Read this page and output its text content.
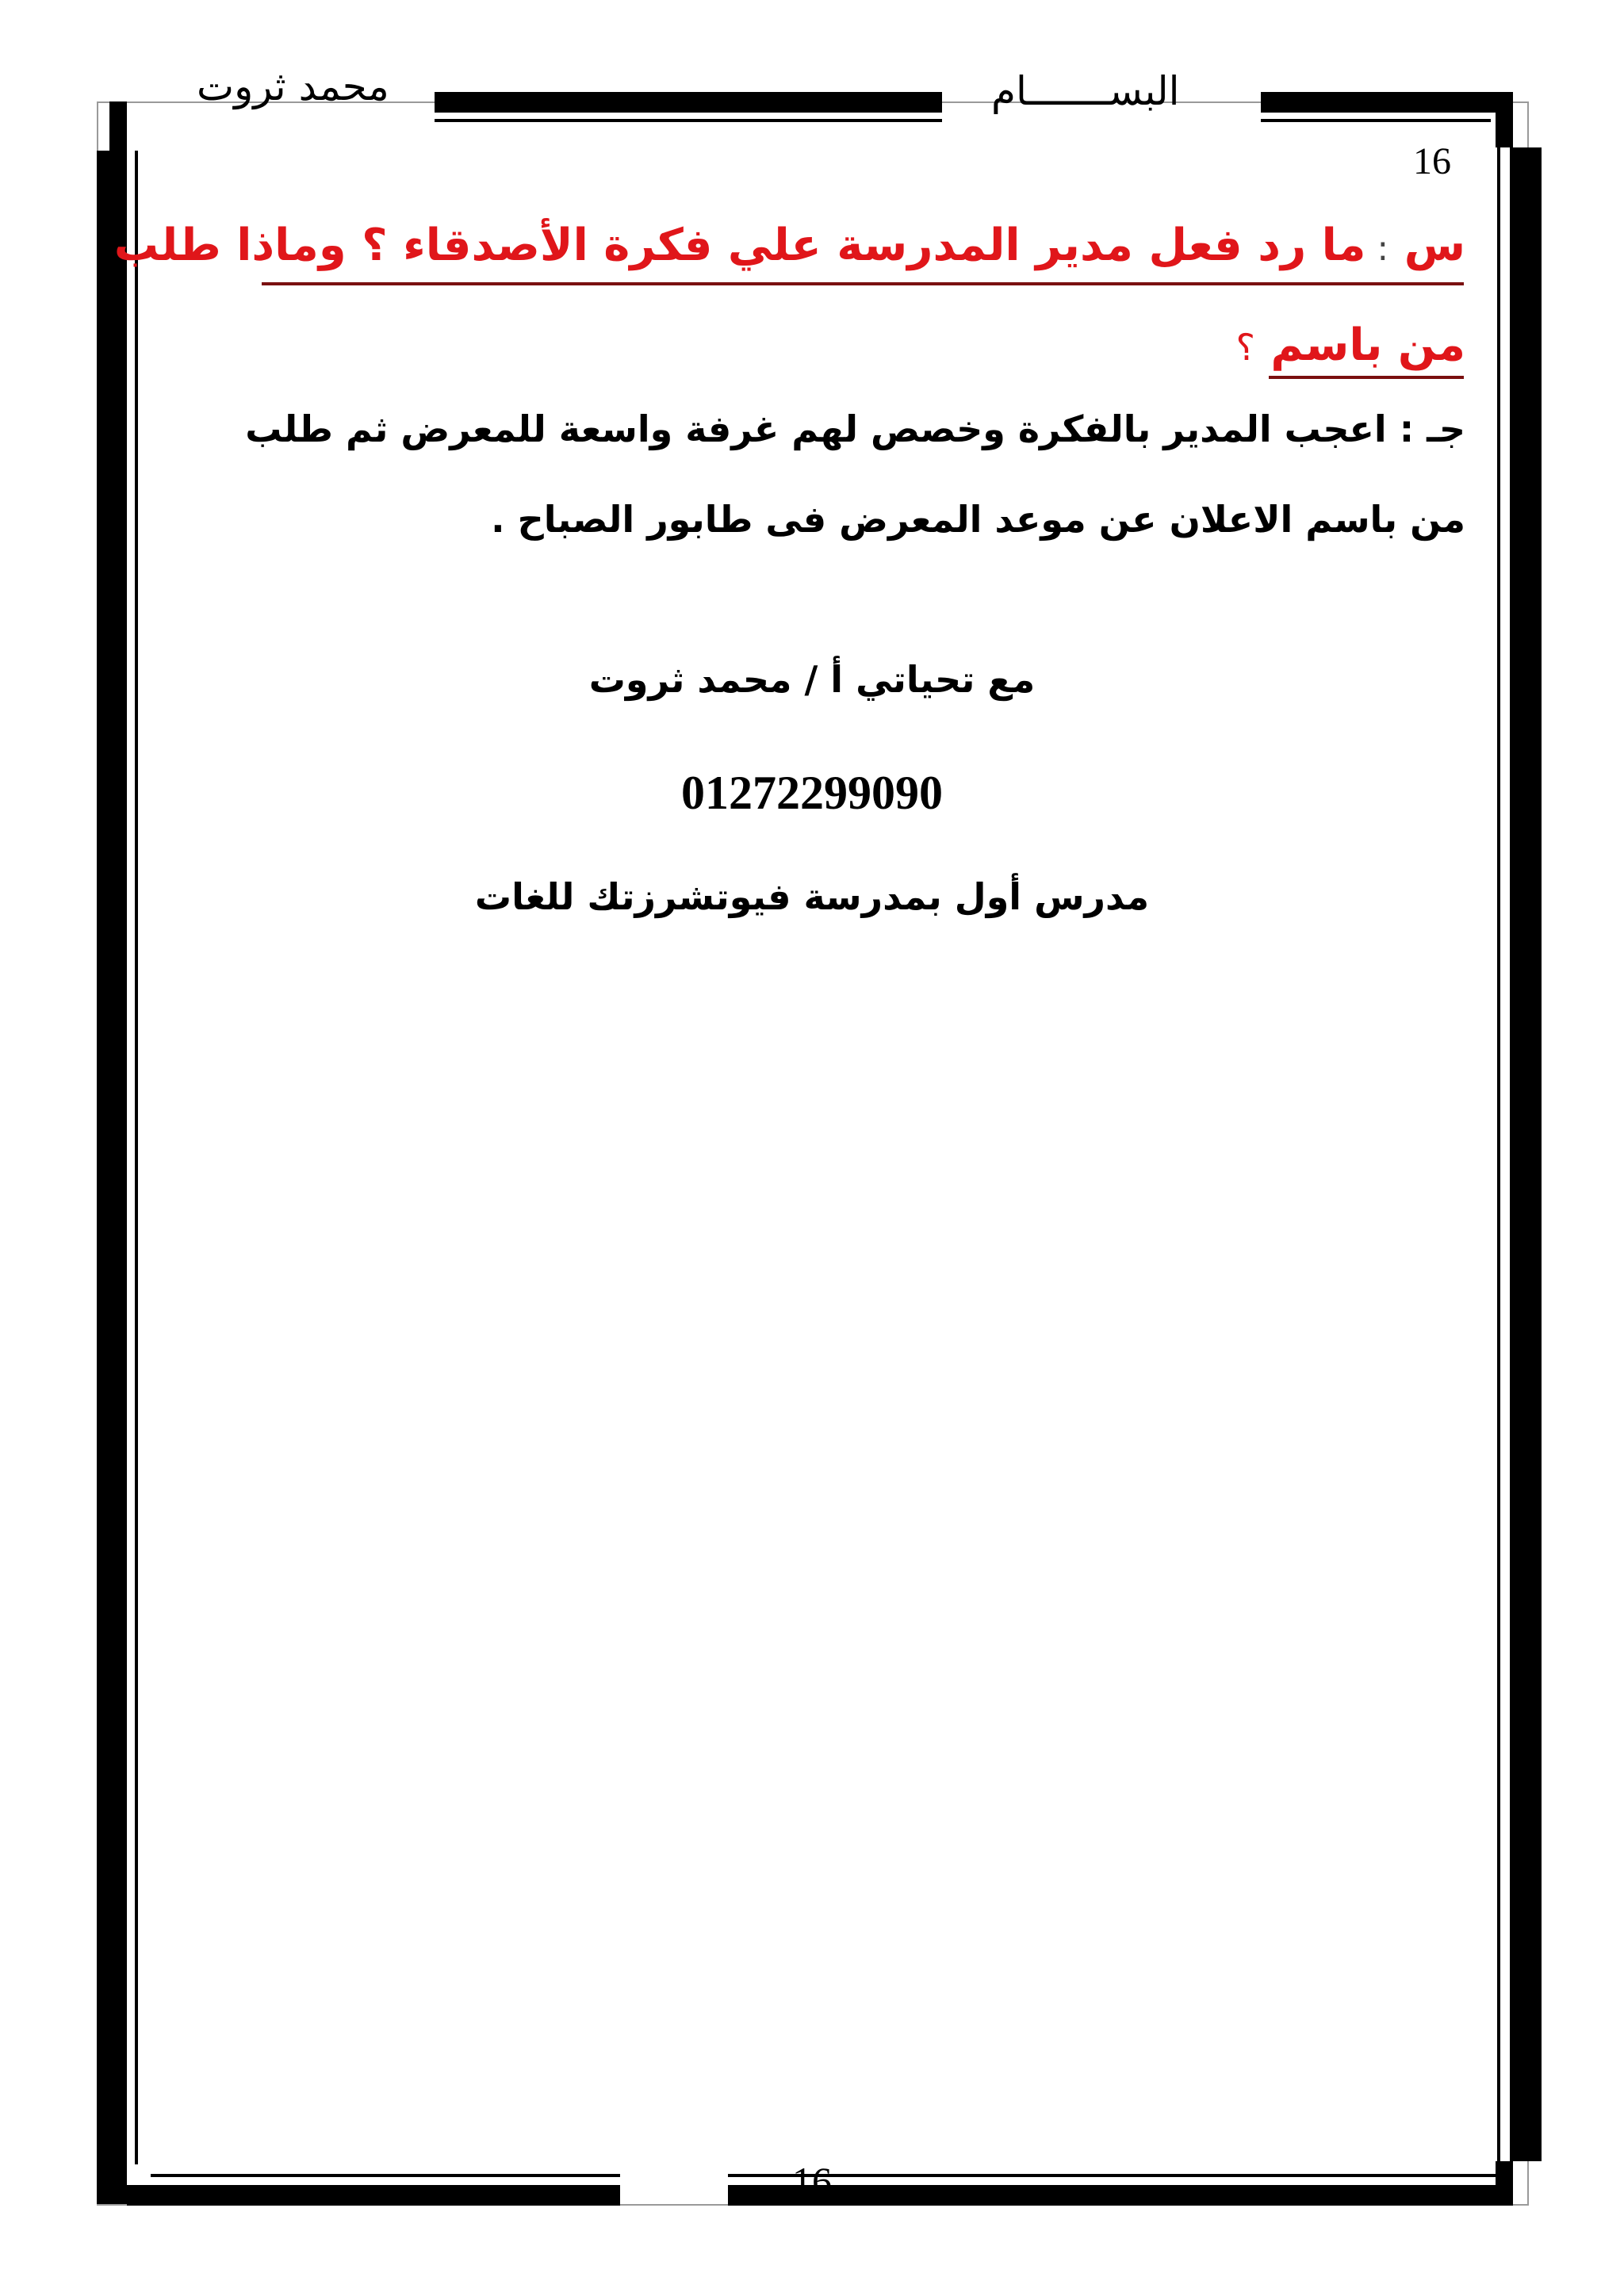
محمد ثروت	البســـــــام
16
س : ما رد فعل مدير المدرسة علي فكرة الأصدقاء ؟ وماذا طلب
من باسم ؟
جـ : اعجب المدير بالفكرة وخصص لهم غرفة واسعة للمعرض ثم طلب
من باسم الاعلان عن موعد المعرض فى طابور الصباح .
مع تحياتي أ / محمد ثروت
01272299090
مدرس أول بمدرسة فيوتشرزتك للغات
16
